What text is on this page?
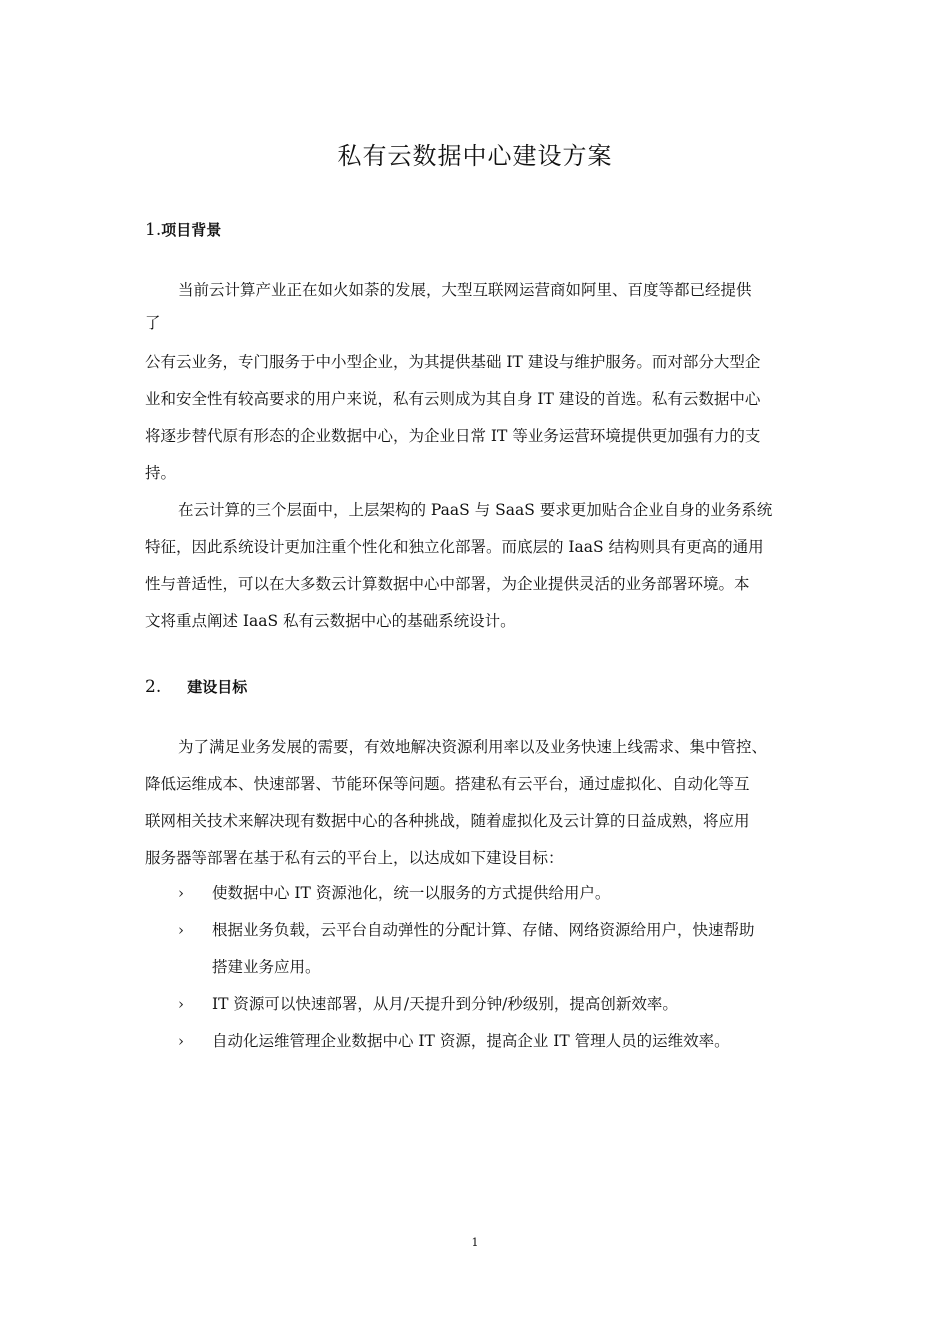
私有云数据中心建设方案
1.项目背景
当前云计算产业正在如火如荼的发展，大型互联网运营商如阿里、百度等都已经提供
了
公有云业务，专门服务于中小型企业，为其提供基础 IT 建设与维护服务。而对部分大型企
业和安全性有较高要求的用户来说，私有云则成为其自身 IT 建设的首选。私有云数据中心
将逐步替代原有形态的企业数据中心，为企业日常 IT 等业务运营环境提供更加强有力的支
持。
在云计算的三个层面中，上层架构的 PaaS 与 SaaS 要求更加贴合企业自身的业务系统
特征，因此系统设计更加注重个性化和独立化部署。而底层的 IaaS 结构则具有更高的通用
性与普适性，可以在大多数云计算数据中心中部署，为企业提供灵活的业务部署环境。本
文将重点阐述 IaaS 私有云数据中心的基础系统设计。
2. 建设目标
为了满足业务发展的需要，有效地解决资源利用率以及业务快速上线需求、集中管控、
降低运维成本、快速部署、节能环保等问题。搭建私有云平台，通过虚拟化、自动化等互
联网相关技术来解决现有数据中心的各种挑战，随着虚拟化及云计算的日益成熟，将应用
服务器等部署在基于私有云的平台上，以达成如下建设目标：
› 使数据中心 IT 资源池化，统一以服务的方式提供给用户。
› 根据业务负载，云平台自动弹性的分配计算、存储、网络资源给用户，快速帮助
搭建业务应用。
› IT 资源可以快速部署，从月/天提升到分钟/秒级别，提高创新效率。
› 自动化运维管理企业数据中心 IT 资源，提高企业 IT 管理人员的运维效率。
1
